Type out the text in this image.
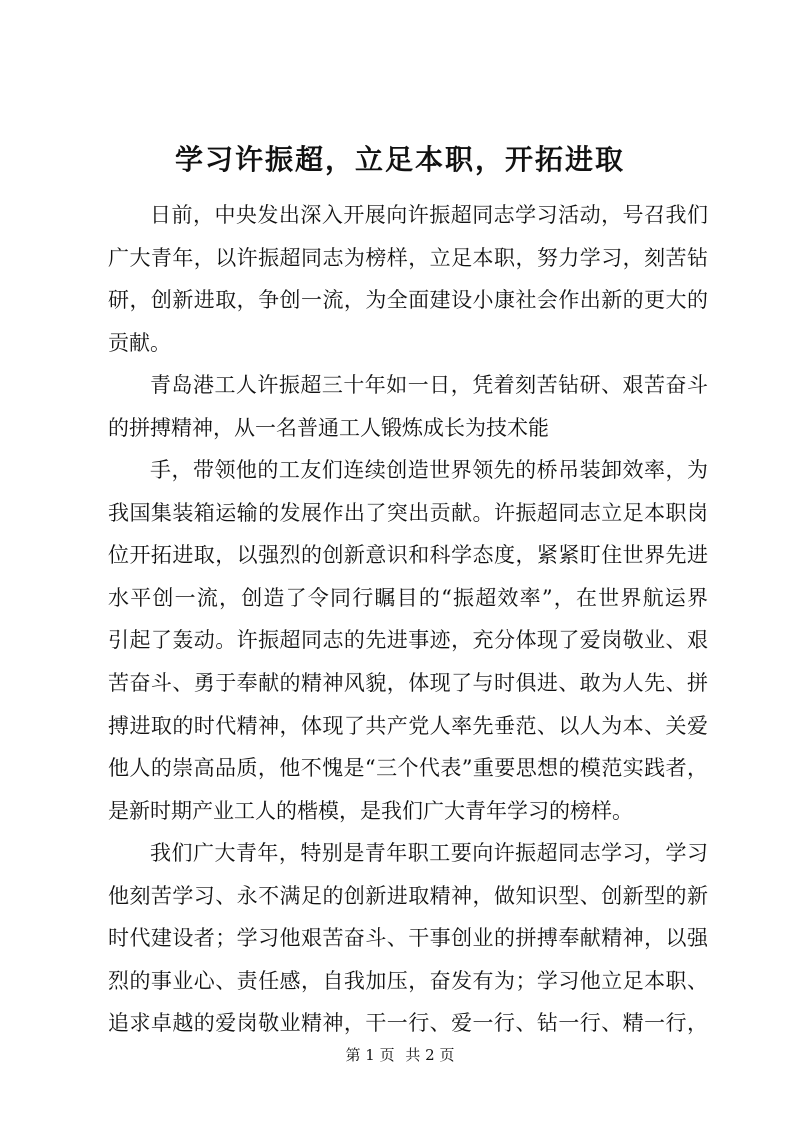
学习许振超，立足本职，开拓进取
日前，中央发出深入开展向许振超同志学习活动，号召我们
广大青年，以许振超同志为榜样，立足本职，努力学习，刻苦钻
研，创新进取，争创一流，为全面建设小康社会作出新的更大的
贡献。
青岛港工人许振超三十年如一日，凭着刻苦钻研、艰苦奋斗
的拼搏精神，从一名普通工人锻炼成长为技术能
手，带领他的工友们连续创造世界领先的桥吊装卸效率，为
我国集装箱运输的发展作出了突出贡献。许振超同志立足本职岗
位开拓进取，以强烈的创新意识和科学态度，紧紧盯住世界先进
水平创一流，创造了令同行瞩目的“振超效率”，在世界航运界
引起了轰动。许振超同志的先进事迹，充分体现了爱岗敬业、艰
苦奋斗、勇于奉献的精神风貌，体现了与时俱进、敢为人先、拼
搏进取的时代精神，体现了共产党人率先垂范、以人为本、关爱
他人的崇高品质，他不愧是“三个代表”重要思想的模范实践者，
是新时期产业工人的楷模，是我们广大青年学习的榜样。
我们广大青年，特别是青年职工要向许振超同志学习，学习
他刻苦学习、永不满足的创新进取精神，做知识型、创新型的新
时代建设者；学习他艰苦奋斗、干事创业的拼搏奉献精神，以强
烈的事业心、责任感，自我加压，奋发有为；学习他立足本职、
追求卓越的爱岗敬业精神，干一行、爱一行、钻一行、精一行，
第 1 页 共 2 页
